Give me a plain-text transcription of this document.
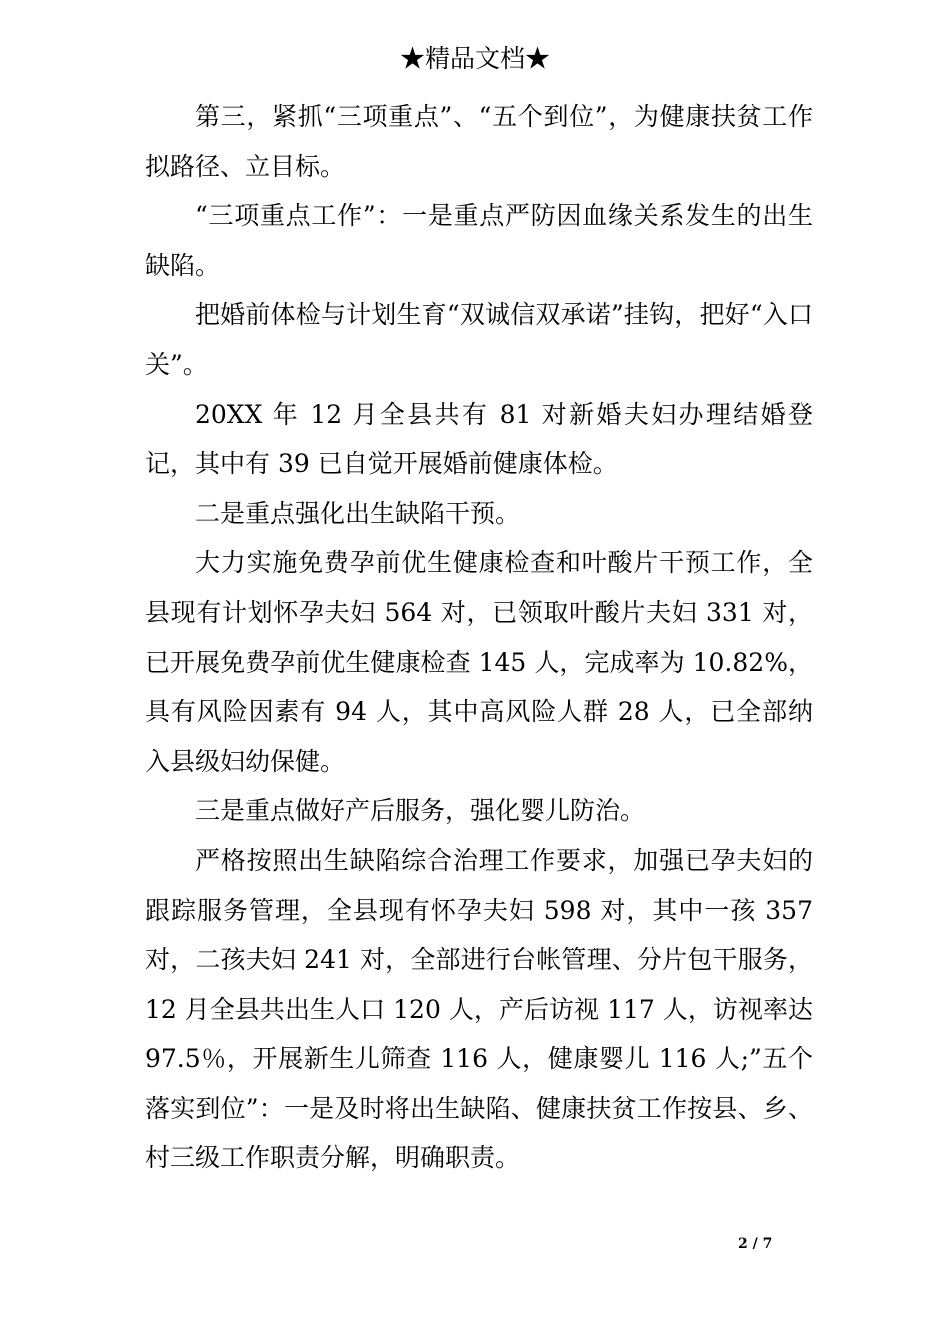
★精品文档★

第三，紧抓“三项重点”、“五个到位”，为健康扶贫工作拟路径、立目标。

“三项重点工作”：一是重点严防因血缘关系发生的出生缺陷。

把婚前体检与计划生育“双诚信双承诺”挂钩，把好“入口关”。

20XX 年 12 月全县共有 81 对新婚夫妇办理结婚登记，其中有 39 已自觉开展婚前健康体检。

二是重点强化出生缺陷干预。

大力实施免费孕前优生健康检查和叶酸片干预工作，全县现有计划怀孕夫妇 564 对，已领取叶酸片夫妇 331 对，已开展免费孕前优生健康检查 145 人，完成率为 10.82%，具有风险因素有 94 人，其中高风险人群 28 人，已全部纳入县级妇幼保健。

三是重点做好产后服务，强化婴儿防治。

严格按照出生缺陷综合治理工作要求，加强已孕夫妇的跟踪服务管理，全县现有怀孕夫妇 598 对，其中一孩 357 对，二孩夫妇 241 对，全部进行台帐管理、分片包干服务，12 月全县共出生人口 120 人，产后访视 117 人，访视率达 97.5％，开展新生儿筛查 116 人，健康婴儿 116 人;”五个落实到位”：一是及时将出生缺陷、健康扶贫工作按县、乡、村三级工作职责分解，明确职责。

2 / 7
